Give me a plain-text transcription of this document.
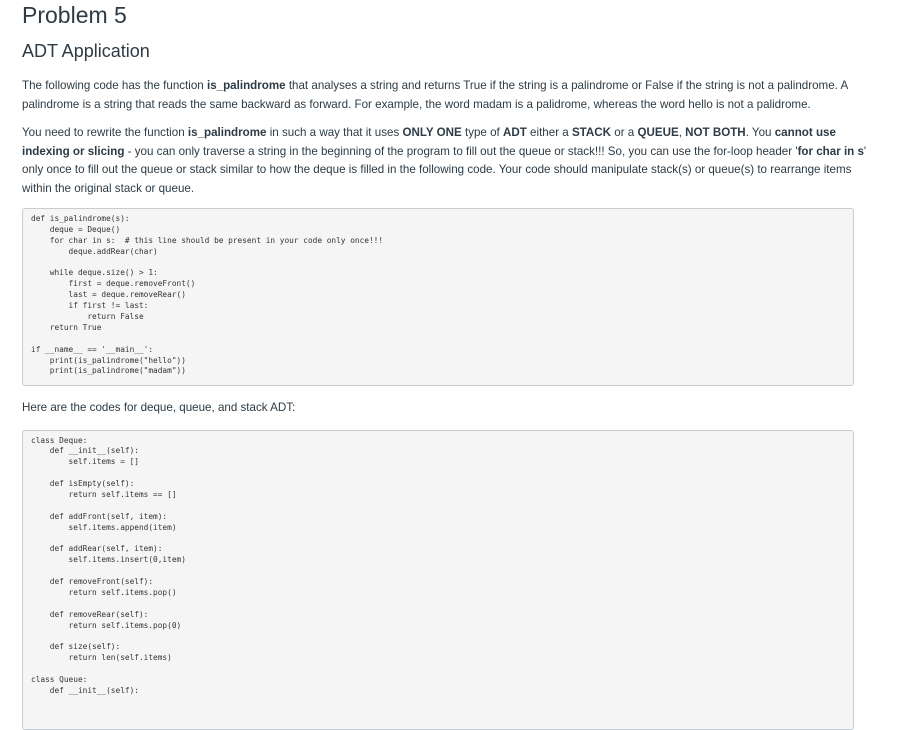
Problem 5
ADT Application

The following code has the function is_palindrome that analyses a string and returns True if the string is a palindrome or False if the string is not a palindrome. A palindrome is a string that reads the same backward as forward. For example, the word madam is a palidrome, whereas the word hello is not a palidrome.

You need to rewrite the function is_palindrome in such a way that it uses ONLY ONE type of ADT either a STACK or a QUEUE, NOT BOTH. You cannot use indexing or slicing - you can only traverse a string in the beginning of the program to fill out the queue or stack!!! So, you can use the for-loop header 'for char in s' only once to fill out the queue or stack similar to how the deque is filled in the following code. Your code should manipulate stack(s) or queue(s) to rearrange items within the original stack or queue.

def is_palindrome(s):
deque = Deque()
for char in s:  # this line should be present in your code only once!!!
deque.addRear(char)
while deque.size() > 1:
first = deque.removeFront()
last = deque.removeRear()
if first != last:
return False
return True
if __name__ == '__main__':
print(is_palindrome("hello"))
print(is_palindrome("madam"))

Here are the codes for deque, queue, and stack ADT:

class Deque:
def __init__(self):
self.items = []
def isEmpty(self):
return self.items == []
def addFront(self, item):
self.items.append(item)
def addRear(self, item):
self.items.insert(0,item)
def removeFront(self):
return self.items.pop()
def removeRear(self):
return self.items.pop(0)
def size(self):
return len(self.items)
class Queue:
def __init__(self):
